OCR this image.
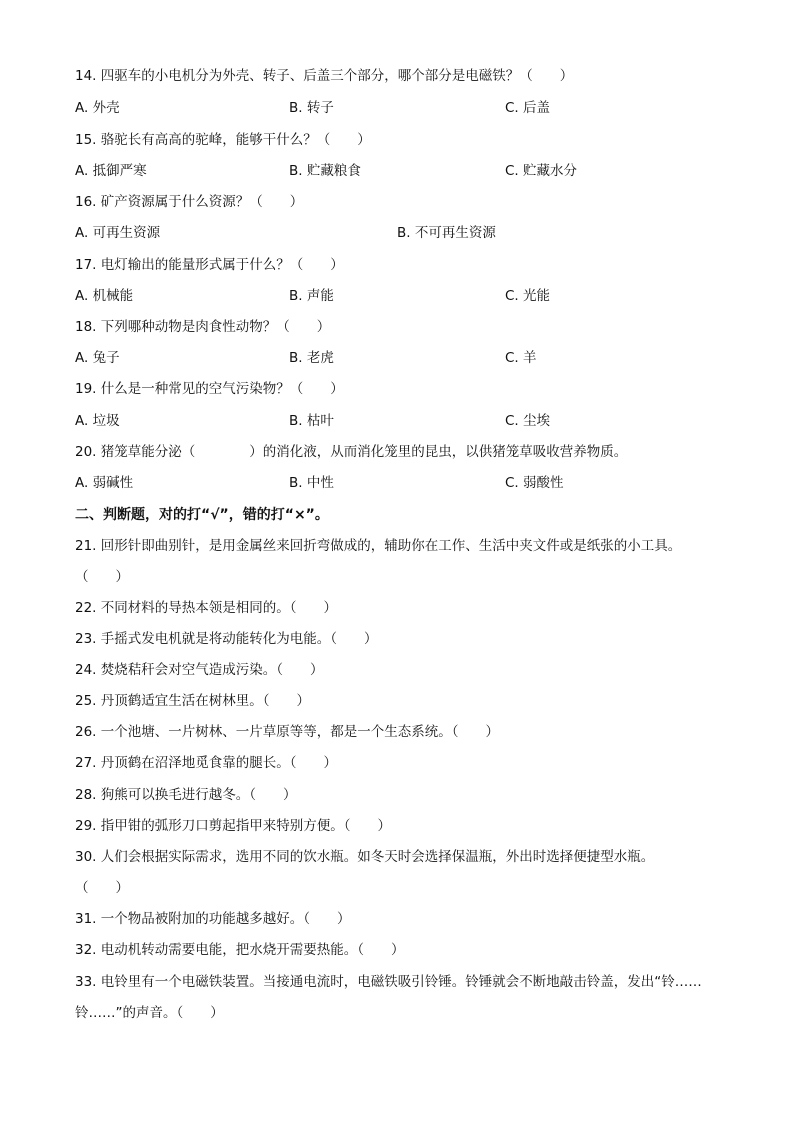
14. 四驱车的小电机分为外壳、转子、后盖三个部分，哪个部分是电磁铁？（　　）
A. 外壳	B. 转子	C. 后盖
15. 骆驼长有高高的驼峰，能够干什么？（　　）
A. 抵御严寒	B. 贮藏粮食	C. 贮藏水分
16. 矿产资源属于什么资源？（　　）
A. 可再生资源	B. 不可再生资源
17. 电灯输出的能量形式属于什么？（　　）
A. 机械能	B. 声能	C. 光能
18. 下列哪种动物是肉食性动物？（　　）
A. 兔子	B. 老虎	C. 羊
19. 什么是一种常见的空气污染物？（　　）
A. 垃圾	B. 枯叶	C. 尘埃
20. 猪笼草能分泌（　　　　）的消化液，从而消化笼里的昆虫，以供猪笼草吸收营养物质。
A. 弱碱性	B. 中性	C. 弱酸性
二、判断题，对的打“√”，错的打“×”。
21. 回形针即曲别针，是用金属丝来回折弯做成的，辅助你在工作、生活中夹文件或是纸张的小工具。
（　　）
22. 不同材料的导热本领是相同的。（　　）
23. 手摇式发电机就是将动能转化为电能。（　　）
24. 焚烧秸秆会对空气造成污染。（　　）
25. 丹顶鹤适宜生活在树林里。（　　）
26. 一个池塘、一片树林、一片草原等等，都是一个生态系统。（　　）
27. 丹顶鹤在沼泽地觅食靠的腿长。（　　）
28. 狗熊可以换毛进行越冬。（　　）
29. 指甲钳的弧形刀口剪起指甲来特别方便。（　　）
30. 人们会根据实际需求，选用不同的饮水瓶。如冬天时会选择保温瓶，外出时选择便捷型水瓶。
（　　）
31. 一个物品被附加的功能越多越好。（　　）
32. 电动机转动需要电能，把水烧开需要热能。（　　）
33. 电铃里有一个电磁铁装置。当接通电流时，电磁铁吸引铃锤。铃锤就会不断地敲击铃盖，发出“铃……
铃……”的声音。（　　）
